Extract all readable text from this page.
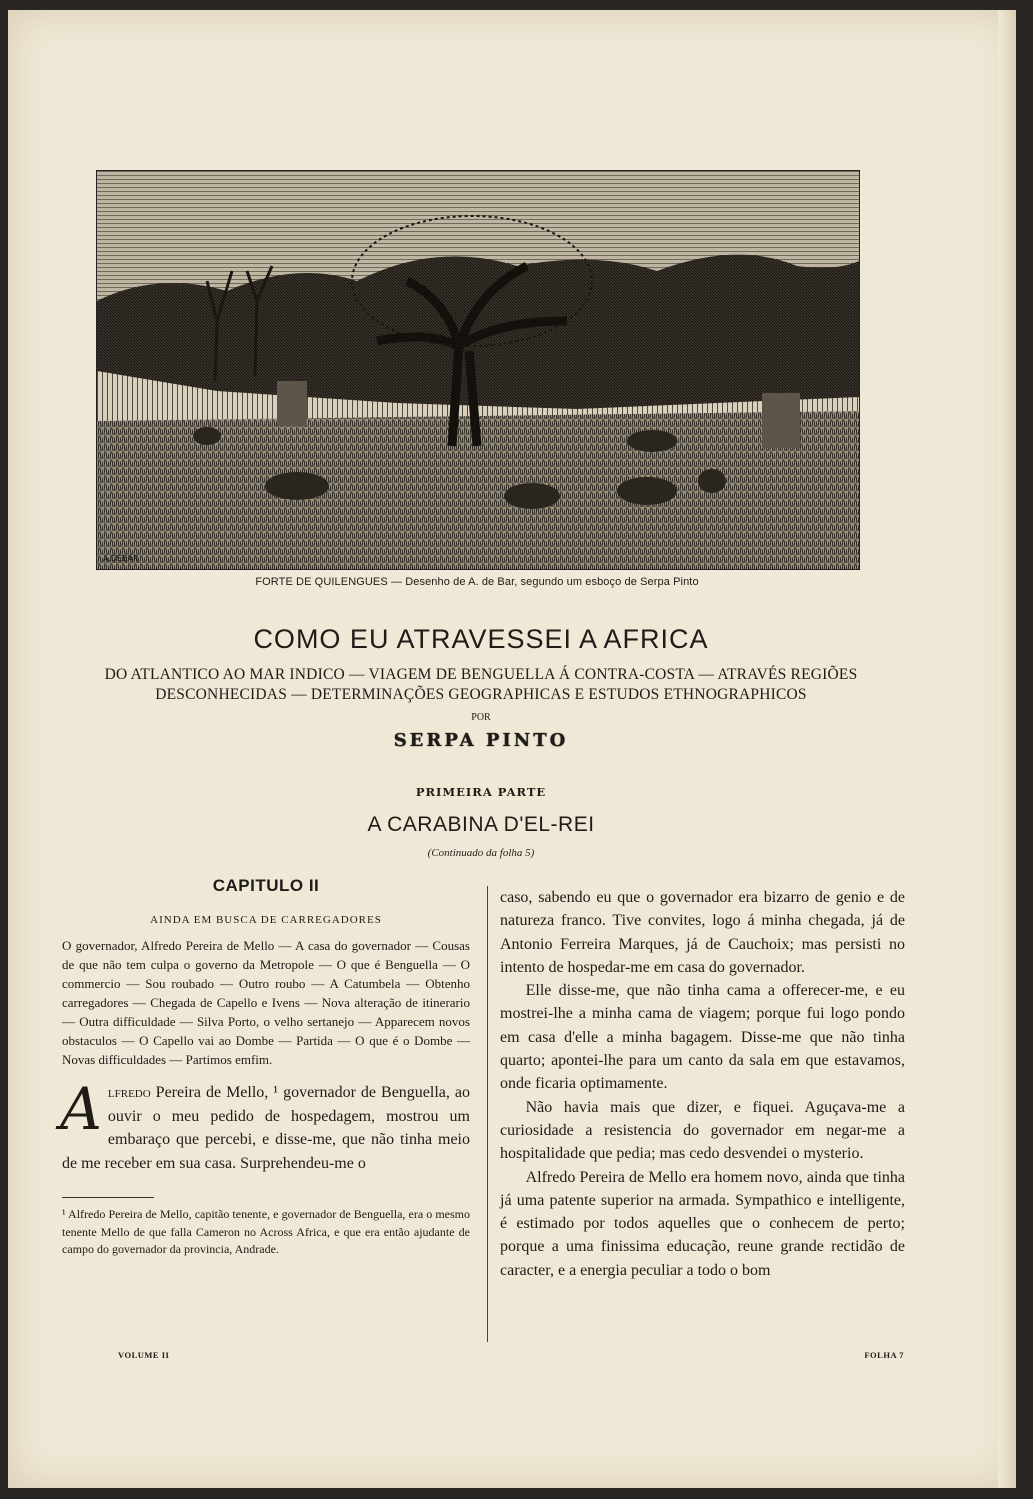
A.DEBAR
FORTE DE QUILENGUES — Desenho de A. de Bar, segundo um esboço de Serpa Pinto
COMO EU ATRAVESSEI A AFRICA
DO ATLANTICO AO MAR INDICO — VIAGEM DE BENGUELLA Á CONTRA-COSTA — ATRAVÉS REGIÕES
DESCONHECIDAS — DETERMINAÇÕES GEOGRAPHICAS E ESTUDOS ETHNOGRAPHICOS
POR
SERPA PINTO
PRIMEIRA PARTE
A CARABINA D'EL-REI
(Continuado da folha 5)
CAPITULO II
AINDA EM BUSCA DE CARREGADORES

O governador, Alfredo Pereira de Mello — A casa do governador — Cousas de que não tem culpa o governo da Metropole — O que é Benguella — O commercio — Sou roubado — Outro roubo — A Catumbela — Obtenho carregadores — Chegada de Capello e Ivens — Nova alteração de itinerario — Outra difficuldade — Silva Porto, o velho sertanejo — Apparecem novos obstaculos — O Capello vai ao Dombe — Partida — O que é o Dombe — Novas difficuldades — Partimos emfim.

Alfredo Pereira de Mello, ¹ governador de Benguella, ao ouvir o meu pedido de hospedagem, mostrou um embaraço que percebi, e disse-me, que não tinha meio de me receber em sua casa. Surprehendeu-me o
¹ Alfredo Pereira de Mello, capitão tenente, e governador de Benguella, era o mesmo tenente Mello de que falla Cameron no Across Africa, e que era então ajudante de campo do governador da provincia, Andrade.

caso, sabendo eu que o governador era bizarro de genio e de natureza franco. Tive convites, logo á minha chegada, já de Antonio Ferreira Marques, já de Cauchoix; mas persisti no intento de hospedar-me em casa do governador.

Elle disse-me, que não tinha cama a offerecer-me, e eu mostrei-lhe a minha cama de viagem; porque fui logo pondo em casa d'elle a minha bagagem. Disse-me que não tinha quarto; apontei-lhe para um canto da sala em que estavamos, onde ficaria optimamente.

Não havia mais que dizer, e fiquei. Aguçava-me a curiosidade a resistencia do governador em negar-me a hospitalidade que pedia; mas cedo desvendei o mysterio.

Alfredo Pereira de Mello era homem novo, ainda que tinha já uma patente superior na armada. Sympathico e intelligente, é estimado por todos aquelles que o conhecem de perto; porque a uma finissima educação, reune grande rectidão de caracter, e a energia peculiar a todo o bom

VOLUME II	FOLHA 7
